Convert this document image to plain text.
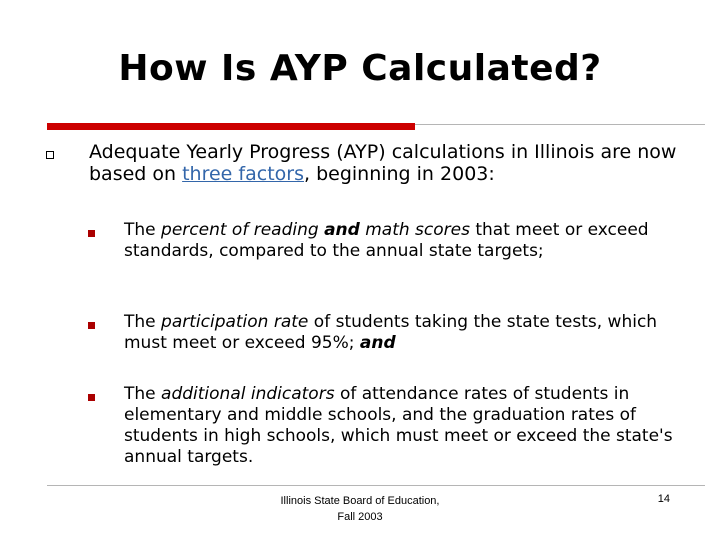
How Is AYP Calculated?
Adequate Yearly Progress (AYP) calculations in Illinois are now based on three factors, beginning in 2003:
The percent of reading and math scores that meet or exceed standards, compared to the annual state targets;
The participation rate of students taking the state tests, which must meet or exceed 95%; and
The additional indicators of attendance rates of students in elementary and middle schools, and the graduation rates of students in high schools, which must meet or exceed the state's annual targets.
Illinois State Board of Education,
Fall 2003
14
